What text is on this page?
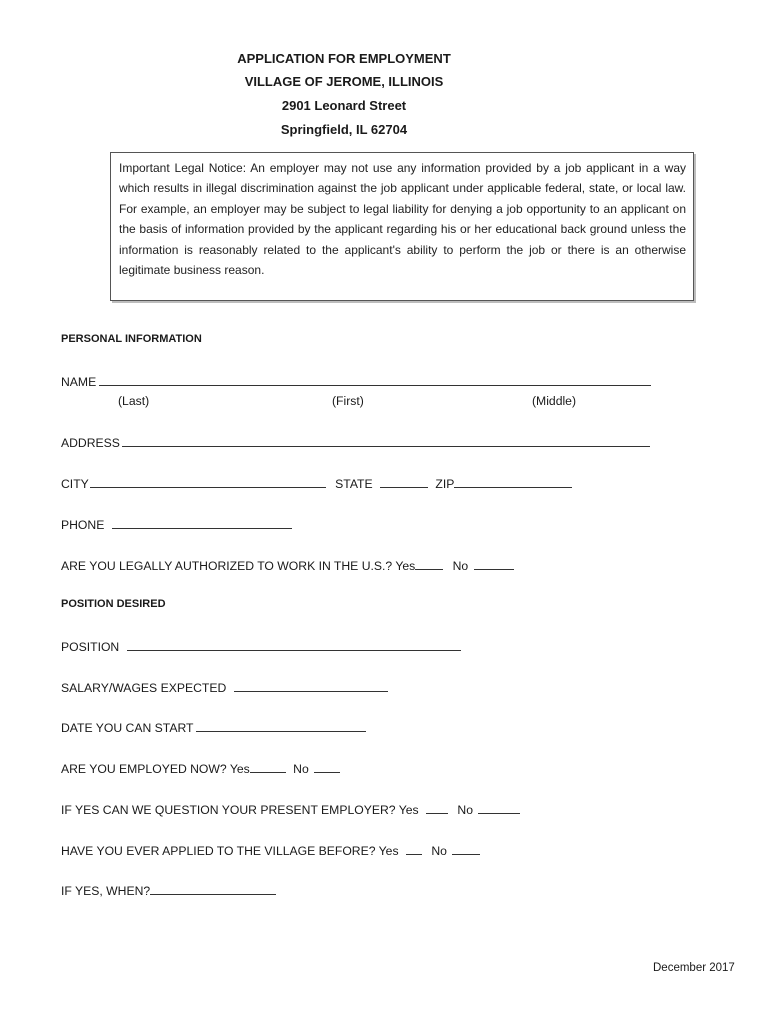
APPLICATION FOR EMPLOYMENT
VILLAGE OF JEROME, ILLINOIS
2901 Leonard Street
Springfield, IL 62704
Important Legal Notice: An employer may not use any information provided by a job applicant in a way which results in illegal discrimination against the job applicant under applicable federal, state, or local law. For example, an employer may be subject to legal liability for denying a job opportunity to an applicant on the basis of information provided by the applicant regarding his or her educational back ground unless the information is reasonably related to the applicant's ability to perform the job or there is an otherwise legitimate business reason.
PERSONAL INFORMATION
NAME
(Last)	(First)	(Middle)
ADDRESS
CITY	STATE	ZIP
PHONE
ARE YOU LEGALLY AUTHORIZED TO WORK IN THE U.S.? Yes	No
POSITION DESIRED
POSITION
SALARY/WAGES EXPECTED
DATE YOU CAN START
ARE YOU EMPLOYED NOW? Yes	No
IF YES CAN WE QUESTION YOUR PRESENT EMPLOYER? Yes	No
HAVE YOU EVER APPLIED TO THE VILLAGE BEFORE? Yes	No
IF YES, WHEN?
December 2017
